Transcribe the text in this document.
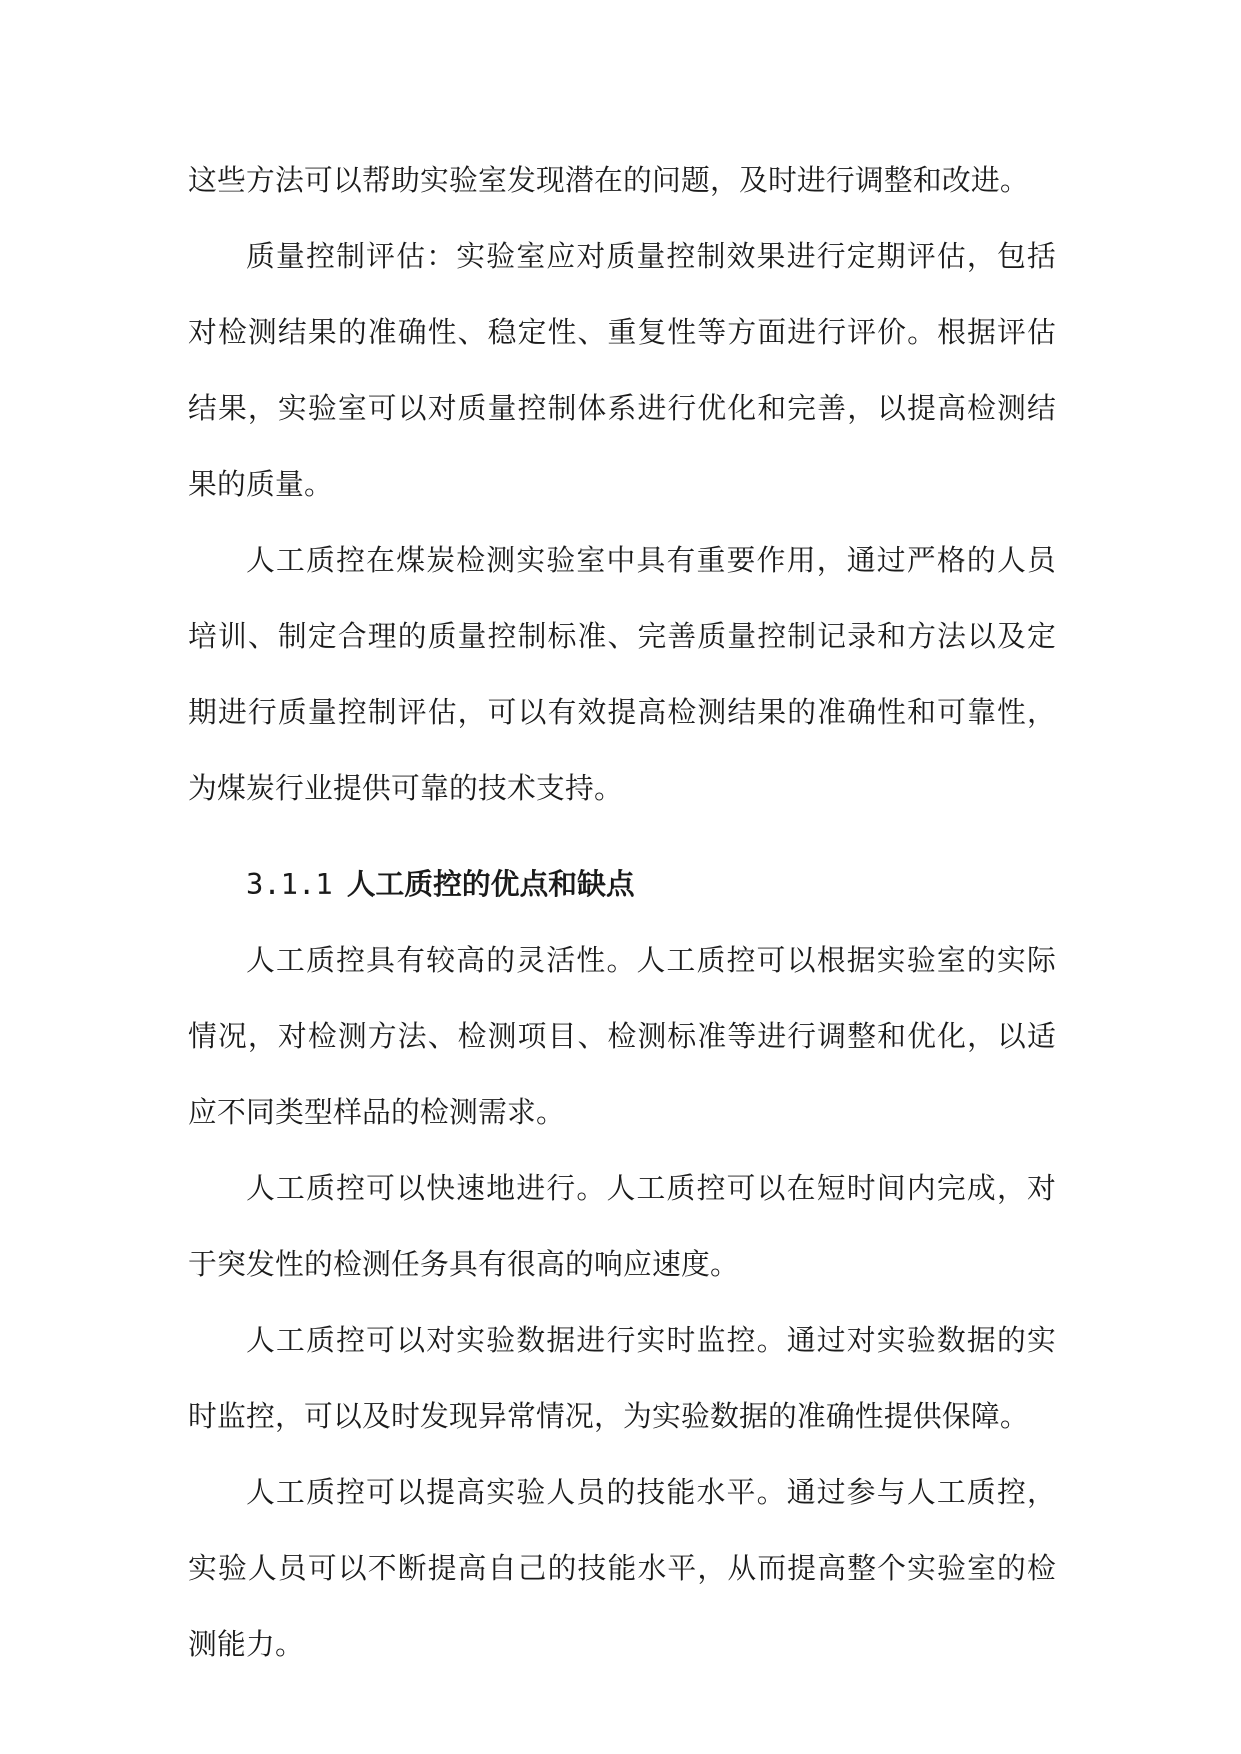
这些方法可以帮助实验室发现潜在的问题，及时进行调整和改进。

质量控制评估：实验室应对质量控制效果进行定期评估，包括对检测结果的准确性、稳定性、重复性等方面进行评价。根据评估结果，实验室可以对质量控制体系进行优化和完善，以提高检测结果的质量。

人工质控在煤炭检测实验室中具有重要作用，通过严格的人员培训、制定合理的质量控制标准、完善质量控制记录和方法以及定期进行质量控制评估，可以有效提高检测结果的准确性和可靠性，为煤炭行业提供可靠的技术支持。

3.1.1 人工质控的优点和缺点

人工质控具有较高的灵活性。人工质控可以根据实验室的实际情况，对检测方法、检测项目、检测标准等进行调整和优化，以适应不同类型样品的检测需求。

人工质控可以快速地进行。人工质控可以在短时间内完成，对于突发性的检测任务具有很高的响应速度。

人工质控可以对实验数据进行实时监控。通过对实验数据的实时监控，可以及时发现异常情况，为实验数据的准确性提供保障。

人工质控可以提高实验人员的技能水平。通过参与人工质控，实验人员可以不断提高自己的技能水平，从而提高整个实验室的检测能力。
